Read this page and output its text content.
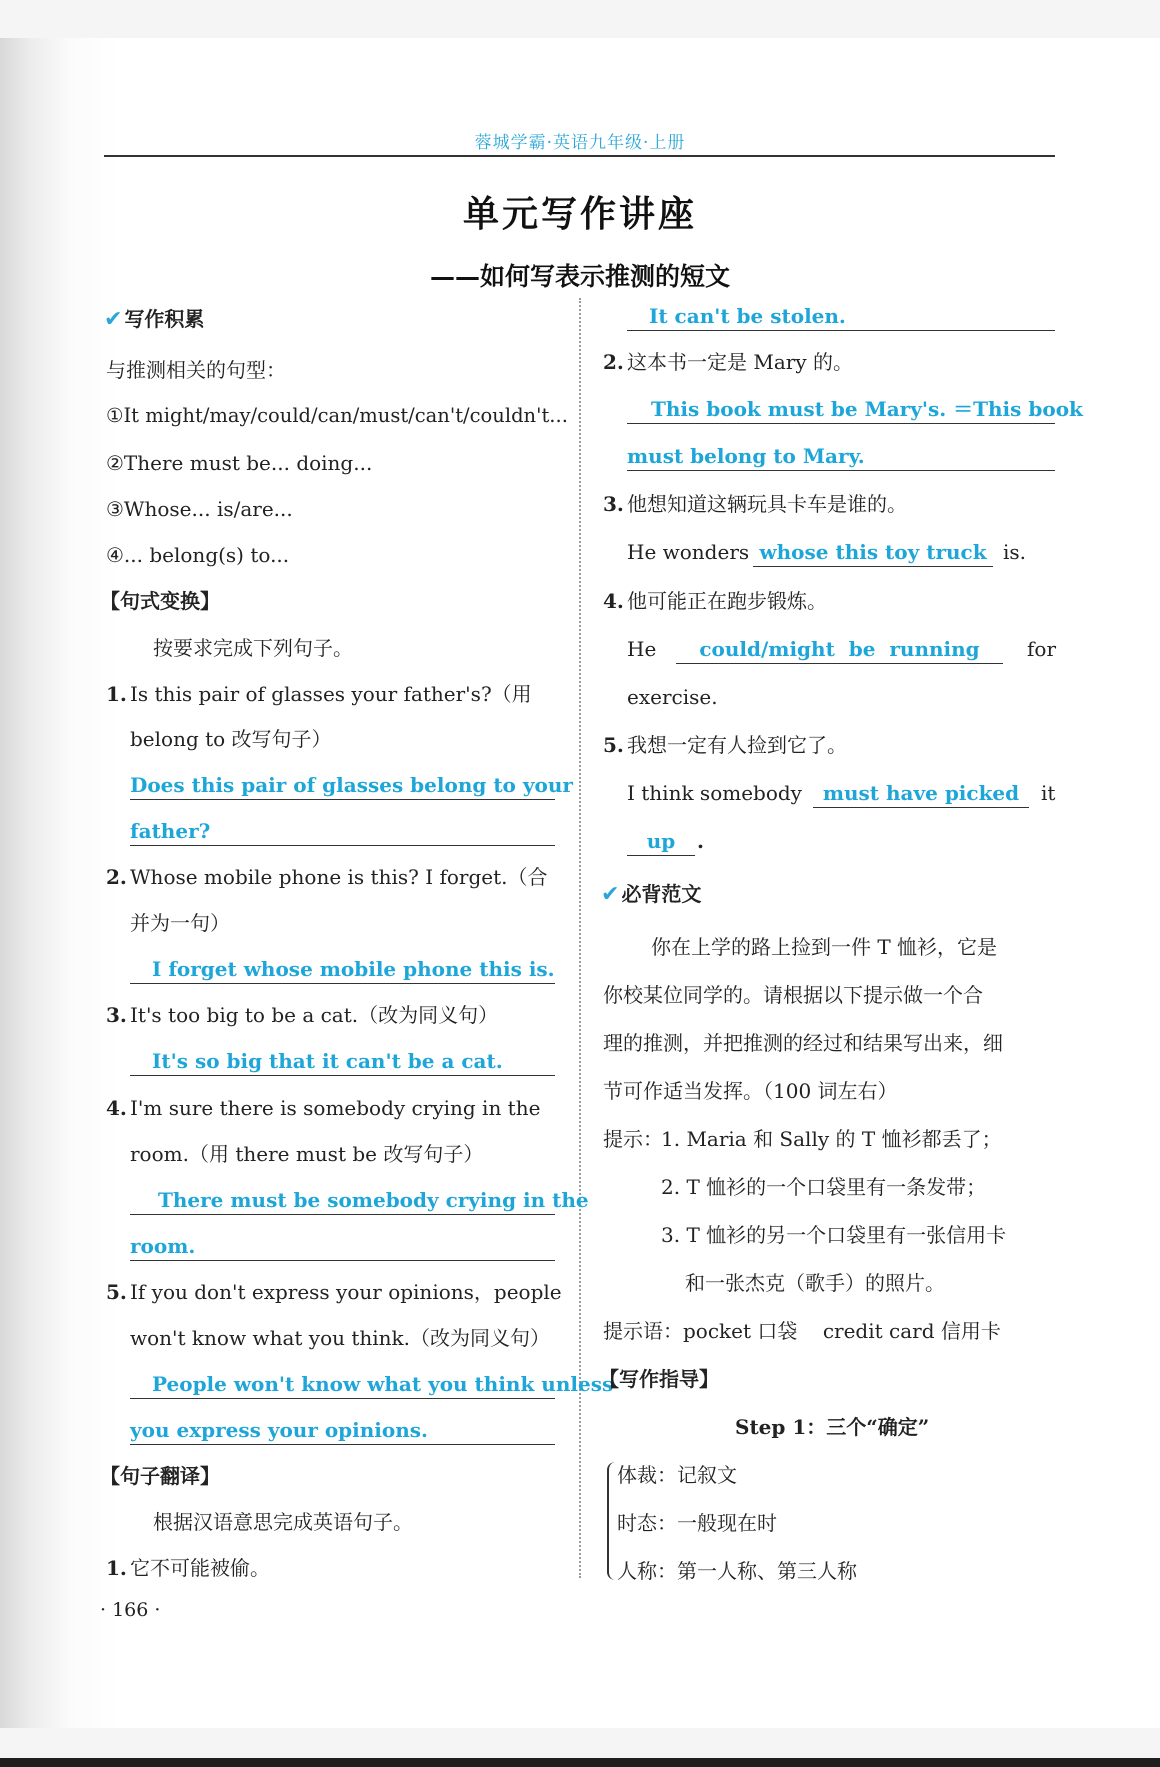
蓉城学霸·英语九年级·上册
单元写作讲座
——如何写表示推测的短文
✔ 写作积累
与推测相关的句型：
①It might/may/could/can/must/can't/couldn't...
②There must be... doing...
③Whose... is/are...
④... belong(s) to...
【句式变换】
按要求完成下列句子。
1. Is this pair of glasses your father's?（用
belong to 改写句子）
Does this pair of glasses belong to your
father?
2. Whose mobile phone is this? I forget.（合
并为一句）
I forget whose mobile phone this is.
3. It's too big to be a cat.（改为同义句）
It's so big that it can't be a cat.
4. I'm sure there is somebody crying in the
room.（用 there must be 改写句子）
There must be somebody crying in the
room.
5. If you don't express your opinions，people
won't know what you think.（改为同义句）
People won't know what you think unless
you express your opinions.
【句子翻译】
根据汉语意思完成英语句子。
1. 它不可能被偷。
· 166 ·
It can't be stolen.
2. 这本书一定是 Mary 的。
This book must be Mary's. ＝This book
must belong to Mary.
3. 他想知道这辆玩具卡车是谁的。
He wonders whose this toy truck is.
4. 他可能正在跑步锻炼。
He	could/might  be  running	for
exercise.
5. 我想一定有人捡到它了。
I think somebody	must have picked	it
up	.
✔ 必背范文
你在上学的路上捡到一件 T 恤衫，它是
你校某位同学的。请根据以下提示做一个合
理的推测，并把推测的经过和结果写出来，细
节可作适当发挥。（100 词左右）
提示：
1. Maria 和 Sally 的 T 恤衫都丢了；
2. T 恤衫的一个口袋里有一条发带；
3. T 恤衫的另一个口袋里有一张信用卡
和一张杰克（歌手）的照片。
提示语：pocket 口袋    credit card 信用卡
【写作指导】
Step 1：三个“确定”
体裁：记叙文
时态：一般现在时
人称：第一人称、第三人称
